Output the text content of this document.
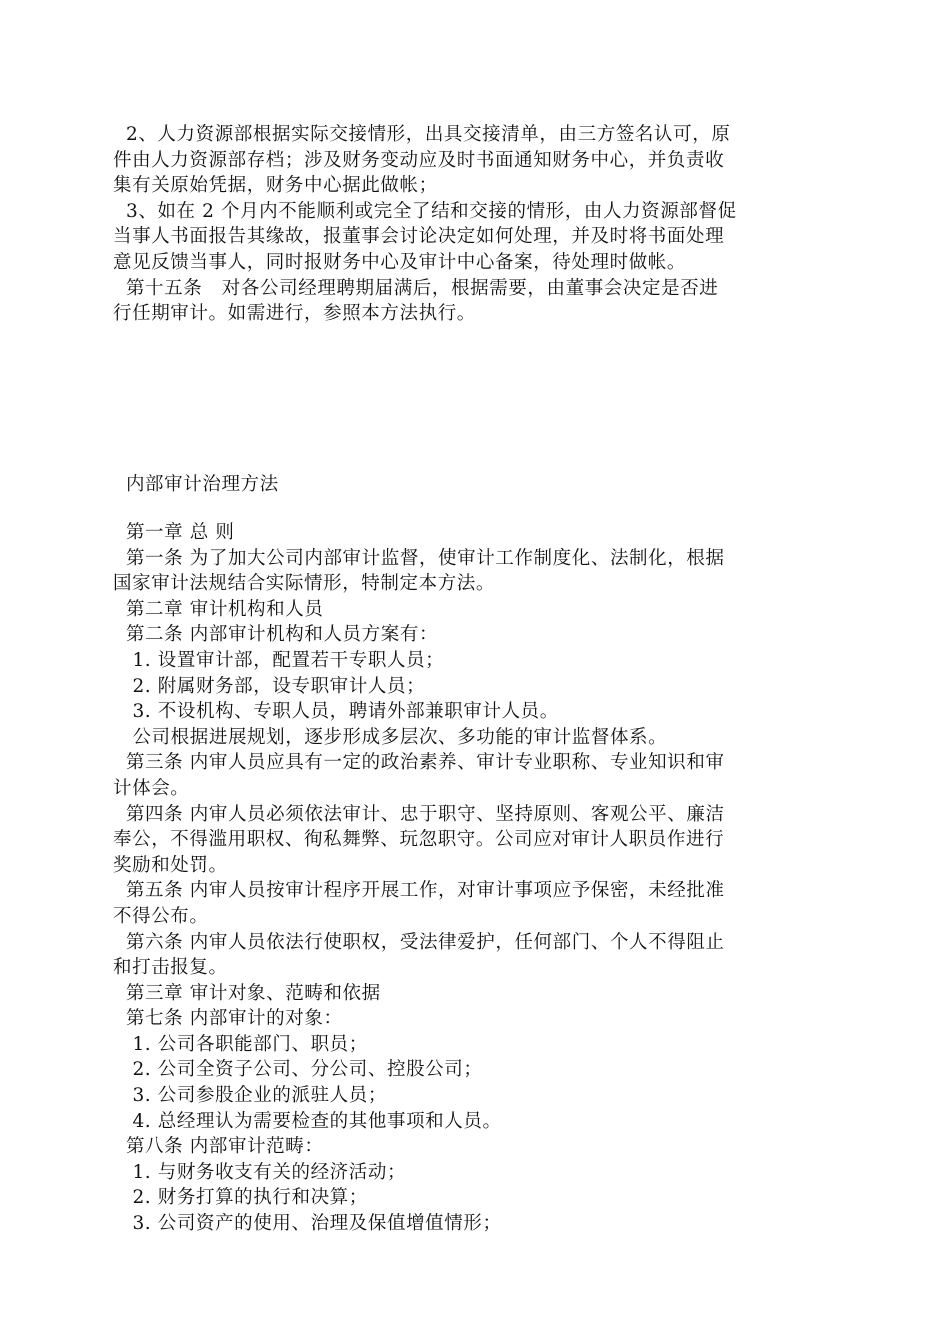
2、人力资源部根据实际交接情形，出具交接清单，由三方签名认可，原
件由人力资源部存档；涉及财务变动应及时书面通知财务中心，并负责收
集有关原始凭据，财务中心据此做帐；
3、如在 2 个月内不能顺利或完全了结和交接的情形，由人力资源部督促
当事人书面报告其缘故，报董事会讨论决定如何处理，并及时将书面处理
意见反馈当事人，同时报财务中心及审计中心备案，待处理时做帐。
第十五条   对各公司经理聘期届满后，根据需要，由董事会决定是否进
行任期审计。如需进行，参照本方法执行。
内部审计治理方法
第一章 总 则
第一条 为了加大公司内部审计监督，使审计工作制度化、法制化，根据
国家审计法规结合实际情形，特制定本方法。
第二章 审计机构和人员
第二条 内部审计机构和人员方案有：
1. 设置审计部，配置若干专职人员；
2. 附属财务部，设专职审计人员；
3. 不设机构、专职人员，聘请外部兼职审计人员。
公司根据进展规划，逐步形成多层次、多功能的审计监督体系。
第三条 内审人员应具有一定的政治素养、审计专业职称、专业知识和审
计体会。
第四条 内审人员必须依法审计、忠于职守、坚持原则、客观公平、廉洁
奉公，不得滥用职权、徇私舞弊、玩忽职守。公司应对审计人职员作进行
奖励和处罚。
第五条 内审人员按审计程序开展工作，对审计事项应予保密，未经批准
不得公布。
第六条 内审人员依法行使职权，受法律爱护，任何部门、个人不得阻止
和打击报复。
第三章 审计对象、范畴和依据
第七条 内部审计的对象：
1. 公司各职能部门、职员；
2. 公司全资子公司、分公司、控股公司；
3. 公司参股企业的派驻人员；
4. 总经理认为需要检查的其他事项和人员。
第八条 内部审计范畴：
1. 与财务收支有关的经济活动；
2. 财务打算的执行和决算；
3. 公司资产的使用、治理及保值增值情形；
